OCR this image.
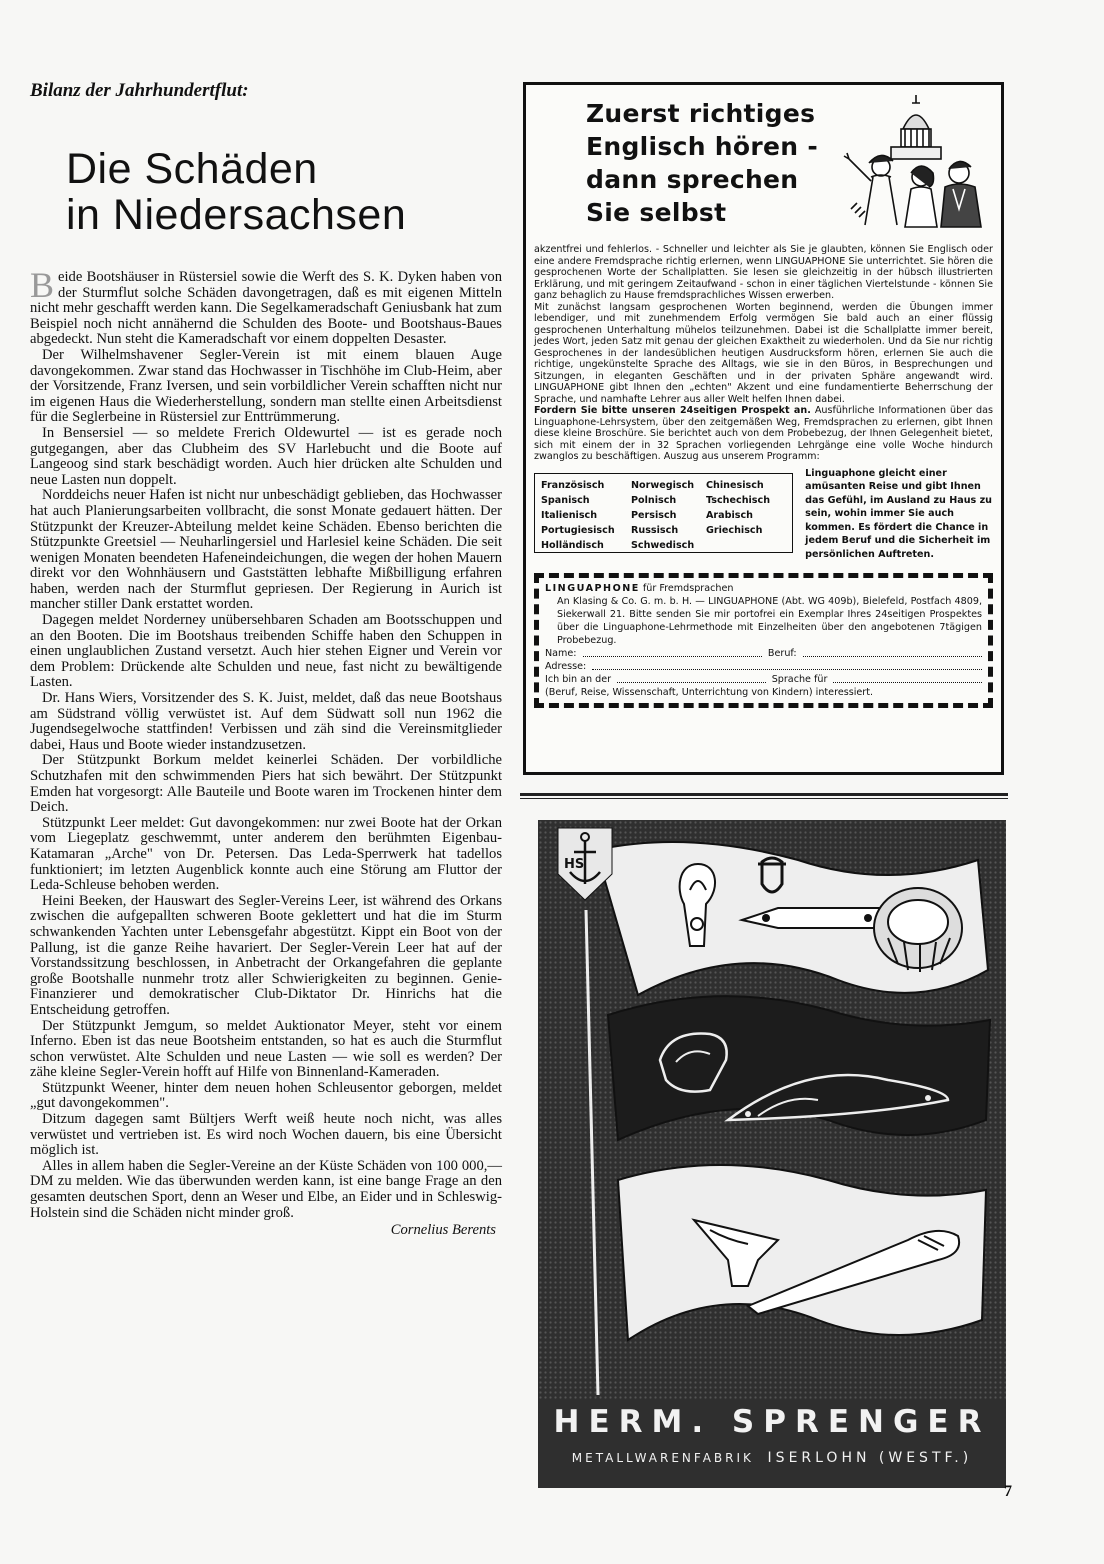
Bilanz der Jahrhundertflut:
Die Schäden
in Niedersachsen

Beide Bootshäuser in Rüstersiel sowie die Werft des S. K. Dyken haben von der Sturmflut solche Schäden davongetragen, daß es mit eigenen Mitteln nicht mehr geschafft werden kann. Die Segelkameradschaft Geniusbank hat zum Beispiel noch nicht annähernd die Schulden des Boote- und Bootshaus-Baues abgedeckt. Nun steht die Kameradschaft vor einem doppelten Desaster.

Der Wilhelmshavener Segler-Verein ist mit einem blauen Auge davongekommen. Zwar stand das Hochwasser in Tischhöhe im Club-Heim, aber der Vorsitzende, Franz Iversen, und sein vorbildlicher Verein schafften nicht nur im eigenen Haus die Wiederherstellung, sondern man stellte einen Arbeitsdienst für die Seglerbeine in Rüstersiel zur Enttrümmerung.

In Bensersiel — so meldete Frerich Oldewurtel — ist es gerade noch gutgegangen, aber das Clubheim des SV Harlebucht und die Boote auf Langeoog sind stark beschädigt worden. Auch hier drücken alte Schulden und neue Lasten nun doppelt.

Norddeichs neuer Hafen ist nicht nur unbeschädigt geblieben, das Hochwasser hat auch Planierungsarbeiten vollbracht, die sonst Monate gedauert hätten. Der Stützpunkt der Kreuzer-Abteilung meldet keine Schäden. Ebenso berichten die Stützpunkte Greetsiel — Neuharlingersiel und Harlesiel keine Schäden. Die seit wenigen Monaten beendeten Hafeneindeichungen, die wegen der hohen Mauern direkt vor den Wohnhäusern und Gaststätten lebhafte Mißbilligung erfahren haben, werden nach der Sturmflut gepriesen. Der Regierung in Aurich ist mancher stiller Dank erstattet worden.

Dagegen meldet Norderney unübersehbaren Schaden am Bootsschuppen und an den Booten. Die im Bootshaus treibenden Schiffe haben den Schuppen in einen unglaublichen Zustand versetzt. Auch hier stehen Eigner und Verein vor dem Problem: Drückende alte Schulden und neue, fast nicht zu bewältigende Lasten.

Dr. Hans Wiers, Vorsitzender des S. K. Juist, meldet, daß das neue Bootshaus am Südstrand völlig verwüstet ist. Auf dem Südwatt soll nun 1962 die Jugendsegelwoche stattfinden! Verbissen und zäh sind die Vereinsmitglieder dabei, Haus und Boote wieder instandzusetzen.

Der Stützpunkt Borkum meldet keinerlei Schäden. Der vorbildliche Schutzhafen mit den schwimmenden Piers hat sich bewährt. Der Stützpunkt Emden hat vorgesorgt: Alle Bauteile und Boote waren im Trockenen hinter dem Deich.

Stützpunkt Leer meldet: Gut davongekommen: nur zwei Boote hat der Orkan vom Liegeplatz geschwemmt, unter anderem den berühmten Eigenbau-Katamaran „Arche" von Dr. Petersen. Das Leda-Sperrwerk hat tadellos funktioniert; im letzten Augenblick konnte auch eine Störung am Fluttor der Leda-Schleuse behoben werden.

Heini Beeken, der Hauswart des Segler-Vereins Leer, ist während des Orkans zwischen die aufgepallten schweren Boote geklettert und hat die im Sturm schwankenden Yachten unter Lebensgefahr abgestützt. Kippt ein Boot von der Pallung, ist die ganze Reihe havariert. Der Segler-Verein Leer hat auf der Vorstandssitzung beschlossen, in Anbetracht der Orkangefahren die geplante große Bootshalle nunmehr trotz aller Schwierigkeiten zu beginnen. Genie-Finanzierer und demokratischer Club-Diktator Dr. Hinrichs hat die Entscheidung getroffen.

Der Stützpunkt Jemgum, so meldet Auktionator Meyer, steht vor einem Inferno. Eben ist das neue Bootsheim entstanden, so hat es auch die Sturmflut schon verwüstet. Alte Schulden und neue Lasten — wie soll es werden? Der zähe kleine Segler-Verein hofft auf Hilfe von Binnenland-Kameraden.

Stützpunkt Weener, hinter dem neuen hohen Schleusentor geborgen, meldet „gut davongekommen".

Ditzum dagegen samt Bültjers Werft weiß heute noch nicht, was alles verwüstet und vertrieben ist. Es wird noch Wochen dauern, bis eine Übersicht möglich ist.

Alles in allem haben die Segler-Vereine an der Küste Schäden von 100 000,— DM zu melden. Wie das überwunden werden kann, ist eine bange Frage an den gesamten deutschen Sport, denn an Weser und Elbe, an Eider und in Schleswig-Holstein sind die Schäden nicht minder groß.

Cornelius Berents
Zuerst richtiges
Englisch hören -
dann sprechen
Sie selbst

akzentfrei und fehlerlos. - Schneller und leichter als Sie je glaubten, können Sie Englisch oder eine andere Fremdsprache richtig erlernen, wenn LINGUAPHONE Sie unterrichtet. Sie hören die gesprochenen Worte der Schallplatten. Sie lesen sie gleichzeitig in der hübsch illustrierten Erklärung, und mit geringem Zeitaufwand - schon in einer täglichen Viertelstunde - können Sie ganz behaglich zu Hause fremdsprachliches Wissen erwerben.

Mit zunächst langsam gesprochenen Worten beginnend, werden die Übungen immer lebendiger, und mit zunehmendem Erfolg vermögen Sie bald auch an einer flüssig gesprochenen Unterhaltung mühelos teilzunehmen. Dabei ist die Schallplatte immer bereit, jedes Wort, jeden Satz mit genau der gleichen Exaktheit zu wiederholen. Und da Sie nur richtig Gesprochenes in der landesüblichen heutigen Ausdrucksform hören, erlernen Sie auch die richtige, ungekünstelte Sprache des Alltags, wie sie in den Büros, in Besprechungen und Sitzungen, in eleganten Geschäften und in der privaten Sphäre angewandt wird. LINGUAPHONE gibt Ihnen den „echten" Akzent und eine fundamentierte Beherrschung der Sprache, und namhafte Lehrer aus aller Welt helfen Ihnen dabei.

Fordern Sie bitte unseren 24seitigen Prospekt an. Ausführliche Informationen über das Linguaphone-Lehrsystem, über den zeitgemäßen Weg, Fremdsprachen zu erlernen, gibt Ihnen diese kleine Broschüre. Sie berichtet auch von dem Probebezug, der Ihnen Gelegenheit bietet, sich mit einem der in 32 Sprachen vorliegenden Lehrgänge eine volle Woche hindurch zwanglos zu beschäftigen. Auszug aus unserem Programm:

Französisch	Norwegisch	Chinesisch
Spanisch	Polnisch	Tschechisch
Italienisch	Persisch	Arabisch
Portugiesisch	Russisch	Griechisch
Holländisch	Schwedisch
Linguaphone gleicht einer amüsanten Reise und gibt Ihnen das Gefühl, im Ausland zu Haus zu sein, wohin immer Sie auch kommen. Es fördert die Chance in jedem Beruf und die Sicherheit im persönlichen Auftreten.
LINGUAPHONE für Fremdsprachen
An Klasing & Co. G. m. b. H. — LINGUAPHONE (Abt. WG 409b), Bielefeld, Postfach 4809, Siekerwall 21. Bitte senden Sie mir portofrei ein Exemplar Ihres 24seitigen Prospektes über die Linguaphone-Lehrmethode mit Einzelheiten über den angebotenen 7tägigen Probebezug.
Name:	Beruf:
Adresse:
Ich bin an der	Sprache für
(Beruf, Reise, Wissenschaft, Unterrichtung von Kindern) interessiert.
HS
HERM. SPRENGER
METALLWARENFABRIK ISERLOHN (WESTF.)
7
